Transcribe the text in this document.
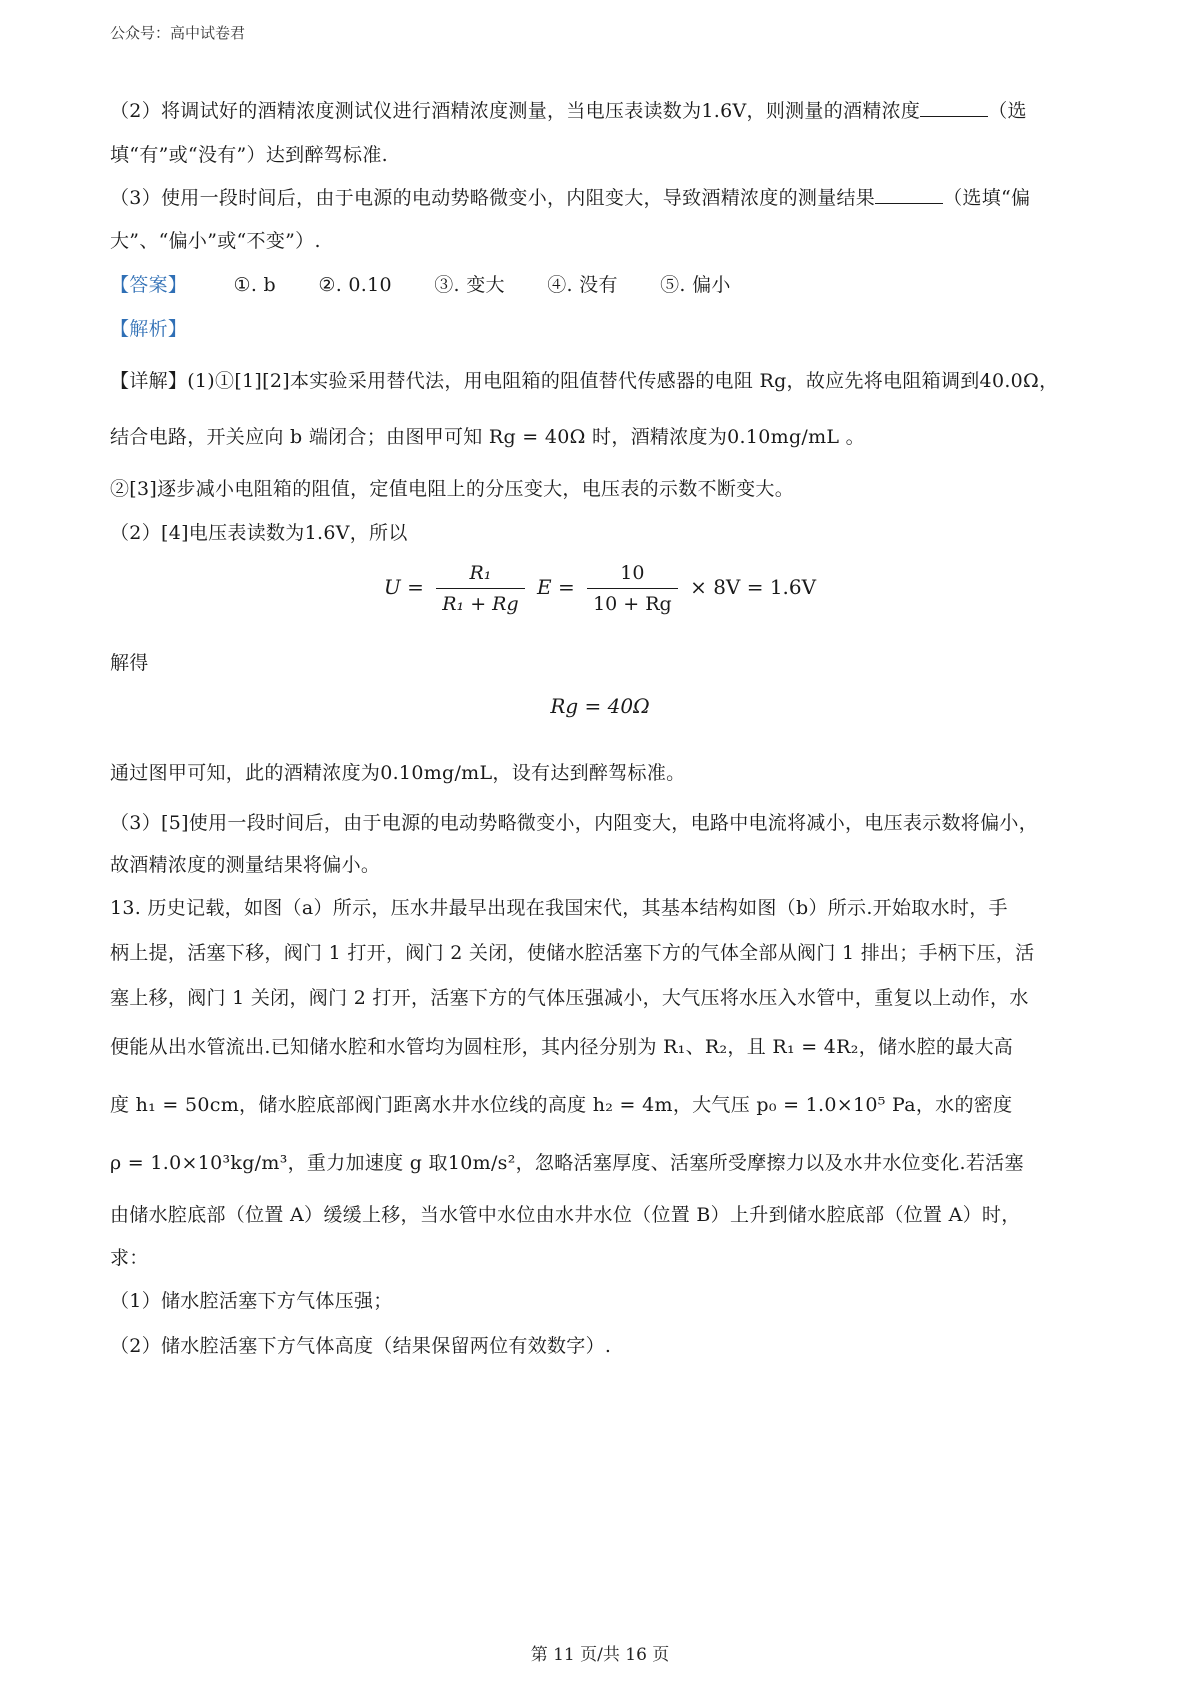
公众号：高中试卷君
（2）将调试好的酒精浓度测试仪进行酒精浓度测量，当电压表读数为1.6V，则测量的酒精浓度	（选
填“有”或“没有”）达到醉驾标准.
（3）使用一段时间后，由于电源的电动势略微变小，内阻变大，导致酒精浓度的测量结果	（选填“偏
大”、“偏小”或“不变”）.
【答案】 ①. b ②. 0.10 ③. 变大 ④. 没有 ⑤. 偏小
【解析】
【详解】(1)①[1][2]本实验采用替代法，用电阻箱的阻值替代传感器的电阻 Rg，故应先将电阻箱调到40.0Ω，
结合电路，开关应向 b 端闭合；由图甲可知 Rg = 40Ω 时，酒精浓度为0.10mg/mL 。
②[3]逐步减小电阻箱的阻值，定值电阻上的分压变大，电压表的示数不断变大。
（2）[4]电压表读数为1.6V，所以
$U = \frac{\text{R₁}}{\text{R₁ + Rg}}$ $E = \frac{10}{10 + Rg} \times 8V = 1.6V$
解得
Rg = 40Ω
通过图甲可知，此的酒精浓度为0.10mg/mL，设有达到醉驾标准。
（3）[5]使用一段时间后，由于电源的电动势略微变小，内阻变大，电路中电流将减小，电压表示数将偏小，
故酒精浓度的测量结果将偏小。
13. 历史记载，如图（a）所示，压水井最早出现在我国宋代，其基本结构如图（b）所示.开始取水时，手
柄上提，活塞下移，阀门 1 打开，阀门 2 关闭，使储水腔活塞下方的气体全部从阀门 1 排出；手柄下压，活
塞上移，阀门 1 关闭，阀门 2 打开，活塞下方的气体压强减小，大气压将水压入水管中，重复以上动作，水
便能从出水管流出.已知储水腔和水管均为圆柱形，其内径分别为 R₁、R₂，且 R₁ = 4R₂，储水腔的最大高
度 h₁ = 50cm，储水腔底部阀门距离水井水位线的高度 h₂ = 4m，大气压 p₀ = 1.0×10⁵ Pa，水的密度
ρ = 1.0×10³kg/m³，重力加速度 g 取10m/s²，忽略活塞厚度、活塞所受摩擦力以及水井水位变化.若活塞
由储水腔底部（位置 A）缓缓上移，当水管中水位由水井水位（位置 B）上升到储水腔底部（位置 A）时，
求：
（1）储水腔活塞下方气体压强；
（2）储水腔活塞下方气体高度（结果保留两位有效数字）.
第 11 页/共 16 页
